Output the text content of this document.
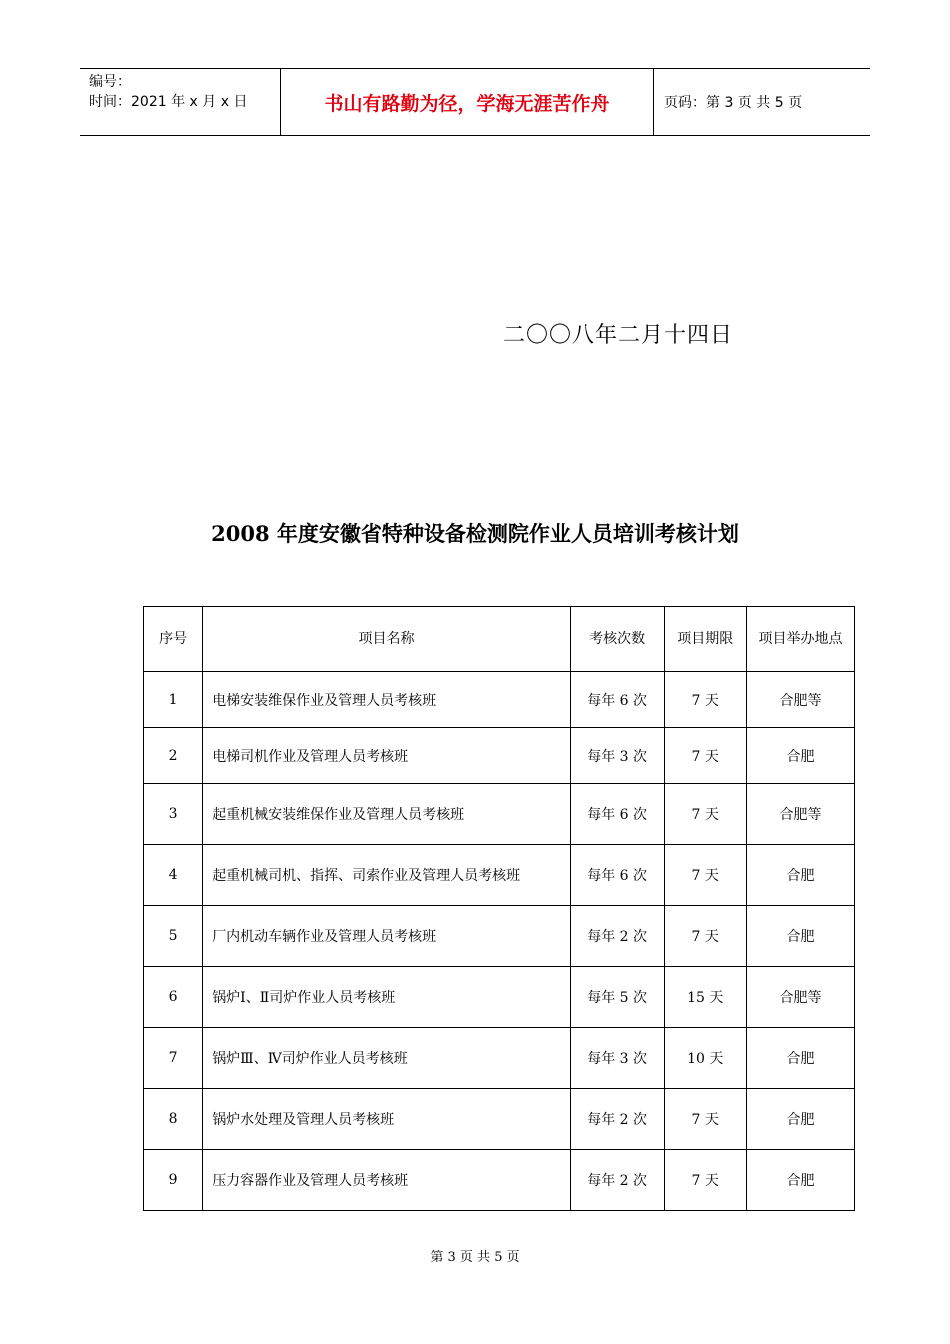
编号：
时间：2021 年 x 月 x 日	书山有路勤为径，学海无涯苦作舟	页码：第 3 页 共 5 页
二〇〇八年二月十四日
2008 年度安徽省特种设备检测院作业人员培训考核计划
序号	项目名称	考核次数	项目期限	项目举办地点
1	电梯安装维保作业及管理人员考核班	每年 6 次	7 天	合肥等
2	电梯司机作业及管理人员考核班	每年 3 次	7 天	合肥
3	起重机械安装维保作业及管理人员考核班	每年 6 次	7 天	合肥等
4	起重机械司机、指挥、司索作业及管理人员考核班	每年 6 次	7 天	合肥
5	厂内机动车辆作业及管理人员考核班	每年 2 次	7 天	合肥
6	锅炉Ⅰ、Ⅱ司炉作业人员考核班	每年 5 次	15 天	合肥等
7	锅炉Ⅲ、Ⅳ司炉作业人员考核班	每年 3 次	10 天	合肥
8	锅炉水处理及管理人员考核班	每年 2 次	7 天	合肥
9	压力容器作业及管理人员考核班	每年 2 次	7 天	合肥
第 3 页 共 5 页
